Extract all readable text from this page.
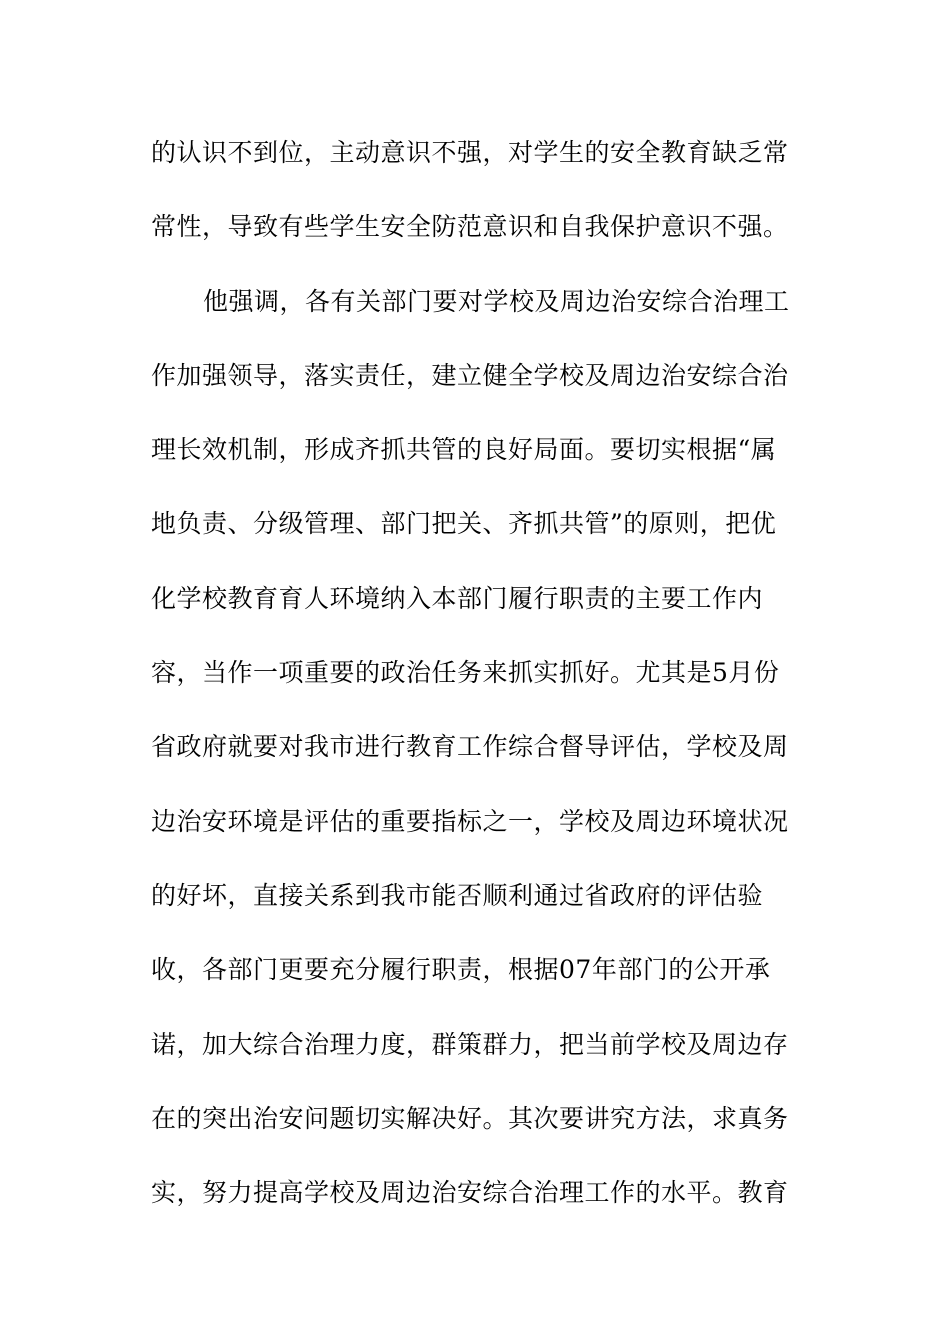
的认识不到位，主动意识不强，对学生的安全教育缺乏常
常性，导致有些学生安全防范意识和自我保护意识不强。
他强调，各有关部门要对学校及周边治安综合治理工
作加强领导，落实责任，建立健全学校及周边治安综合治
理长效机制，形成齐抓共管的良好局面。要切实根据“属
地负责、分级管理、部门把关、齐抓共管”的原则，把优
化学校教育育人环境纳入本部门履行职责的主要工作内
容，当作一项重要的政治任务来抓实抓好。尤其是5月份
省政府就要对我市进行教育工作综合督导评估，学校及周
边治安环境是评估的重要指标之一，学校及周边环境状况
的好坏，直接关系到我市能否顺利通过省政府的评估验
收，各部门更要充分履行职责，根据07年部门的公开承
诺，加大综合治理力度，群策群力，把当前学校及周边存
在的突出治安问题切实解决好。其次要讲究方法，求真务
实，努力提高学校及周边治安综合治理工作的水平。教育
